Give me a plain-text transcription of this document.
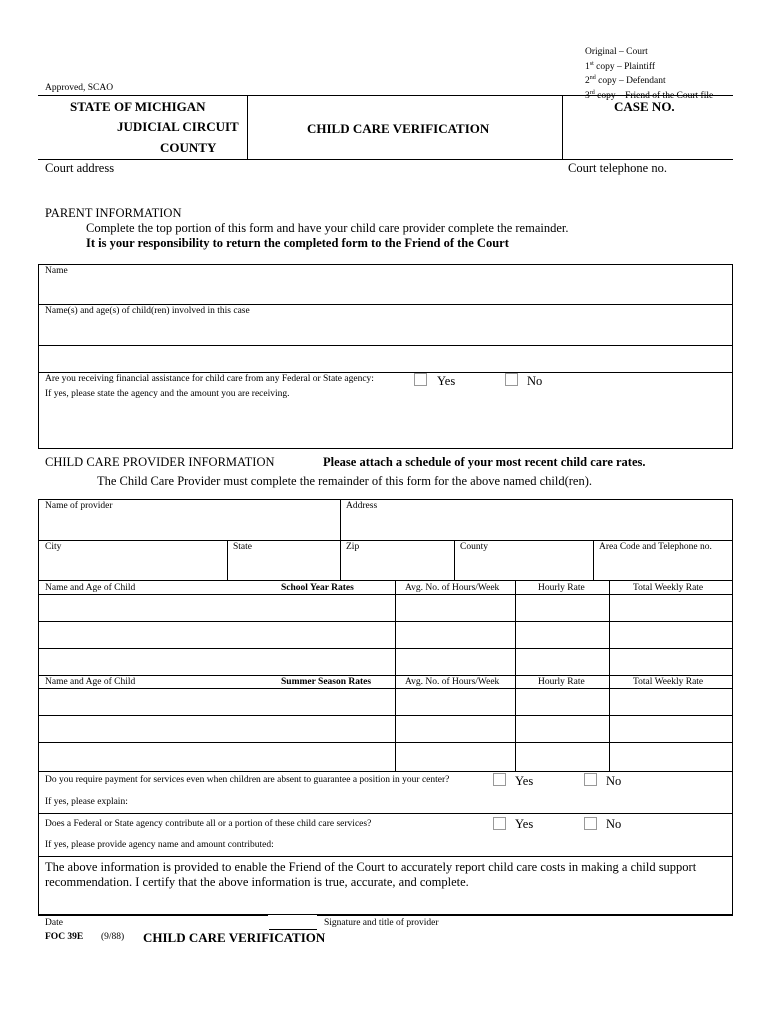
Original – Court
1st copy – Plaintiff
2nd copy – Defendant
3rd copy – Friend of the Court file
Approved, SCAO
STATE OF MICHIGAN
JUDICIAL CIRCUIT
COUNTY
CHILD CARE VERIFICATION
CASE NO.
Court address	Court telephone no.
PARENT INFORMATION
Complete the top portion of this form and have your child care provider complete the remainder.
It is your responsibility to return the completed form to the Friend of the Court
Name
Name(s) and age(s) of child(ren) involved in this case
Are you receiving financial assistance for child care from any Federal or State agency:	Yes	No
If yes, please state the agency and the amount you are receiving.
CHILD CARE PROVIDER INFORMATION	Please attach a schedule of your most recent child care rates.
The Child Care Provider must complete the remainder of this form for the above named child(ren).
Name of provider	Address
City	State	Zip	County	Area Code and Telephone no.
Name and Age of Child	School Year Rates	Avg. No. of Hours/Week	Hourly Rate	Total Weekly Rate
Name and Age of Child	Summer Season Rates	Avg. No. of Hours/Week	Hourly Rate	Total Weekly Rate
Do you require payment for services even when children are absent to guarantee a position in your center?	Yes	No
If yes, please explain:
Does a Federal or State agency contribute all or a portion of these child care services?	Yes	No
If yes, please provide agency name and amount contributed:
The above information is provided to enable the Friend of the Court to accurately report child care costs in making a child support recommendation. I certify that the above information is true, accurate, and complete.
Date	Signature and title of provider
FOC 39E (9/88) CHILD CARE VERIFICATION
